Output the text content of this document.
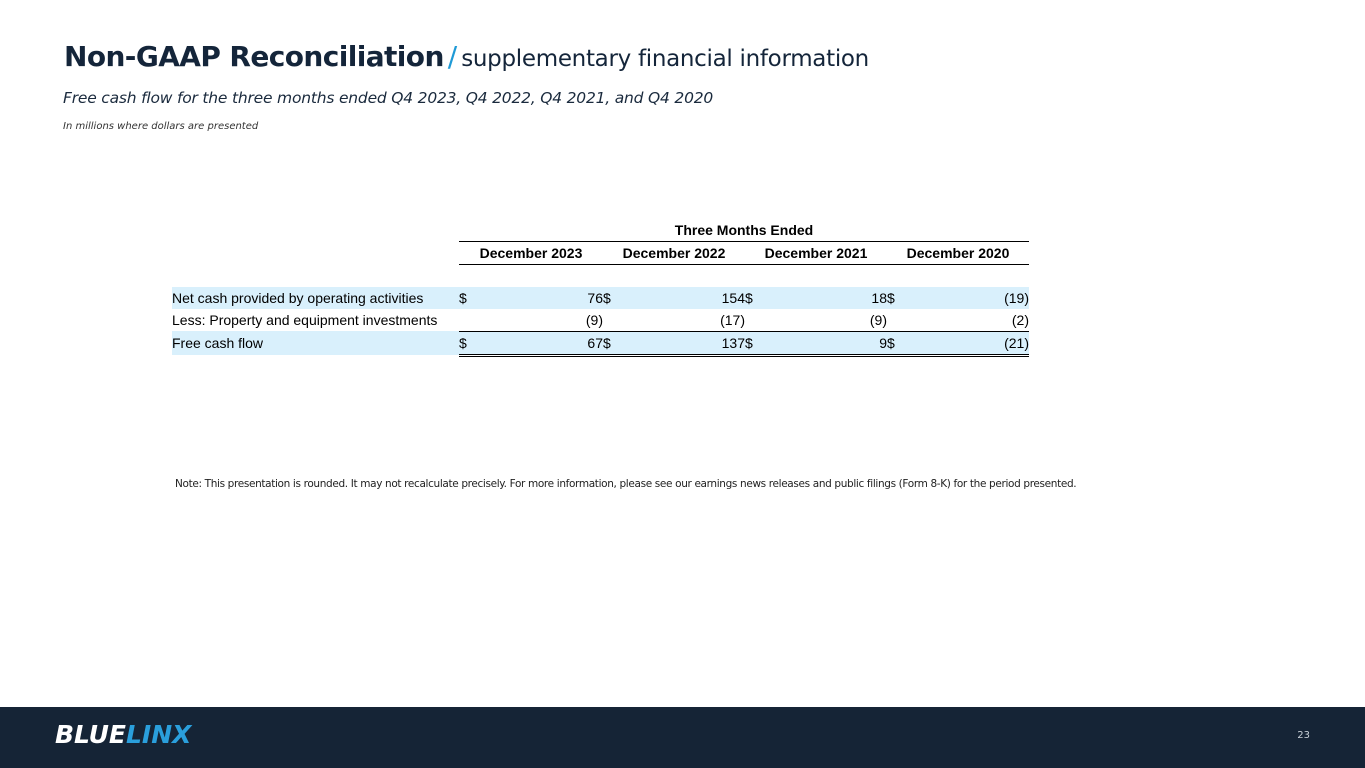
Non-GAAP Reconciliation / supplementary financial information

Free cash flow for the three months ended Q4 2023, Q4 2022, Q4 2021, and Q4 2020

In millions where dollars are presented

	Three Months Ended							
	December 2023		December 2022		December 2021		December 2020	

Net cash provided by operating activities	$	76	$	154	$	18	$	(19)
Less: Property and equipment investments		(9)		(17)		(9)		(2)
Free cash flow	$	67	$	137	$	9	$	(21)

Note: This presentation is rounded. It may not recalculate precisely. For more information, please see our earnings news releases and public filings (Form 8-K) for the period presented.

BLUELINX	23
